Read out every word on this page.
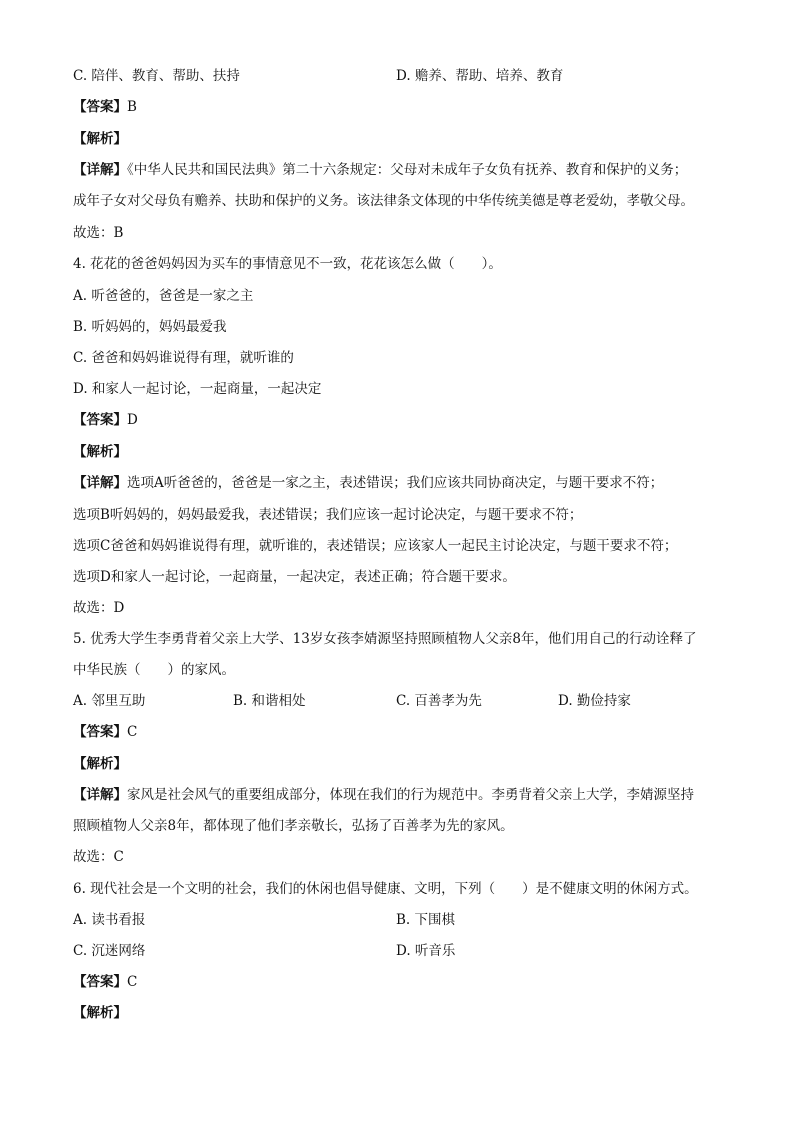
C. 陪伴、教育、帮助、扶持	D. 赡养、帮助、培养、教育
【答案】B
【解析】
【详解】《中华人民共和国民法典》第二十六条规定：父母对未成年子女负有抚养、教育和保护的义务；
成年子女对父母负有赡养、扶助和保护的义务。该法律条文体现的中华传统美德是尊老爱幼，孝敬父母。
故选：B
4. 花花的爸爸妈妈因为买车的事情意见不一致，花花该怎么做（　　）。
A. 听爸爸的，爸爸是一家之主
B. 听妈妈的，妈妈最爱我
C. 爸爸和妈妈谁说得有理，就听谁的
D. 和家人一起讨论，一起商量，一起决定
【答案】D
【解析】
【详解】选项A听爸爸的，爸爸是一家之主，表述错误；我们应该共同协商决定，与题干要求不符；
选项B听妈妈的，妈妈最爱我，表述错误；我们应该一起讨论决定，与题干要求不符；
选项C爸爸和妈妈谁说得有理，就听谁的，表述错误；应该家人一起民主讨论决定，与题干要求不符；
选项D和家人一起讨论，一起商量，一起决定，表述正确；符合题干要求。
故选：D
5. 优秀大学生李勇背着父亲上大学、13岁女孩李婧源坚持照顾植物人父亲8年，他们用自己的行动诠释了
中华民族（　　）的家风。
A. 邻里互助	B. 和谐相处	C. 百善孝为先	D. 勤俭持家
【答案】C
【解析】
【详解】家风是社会风气的重要组成部分，体现在我们的行为规范中。李勇背着父亲上大学，李婧源坚持
照顾植物人父亲8年，都体现了他们孝亲敬长，弘扬了百善孝为先的家风。
故选：C
6. 现代社会是一个文明的社会，我们的休闲也倡导健康、文明，下列（　　）是不健康文明的休闲方式。
A. 读书看报	B. 下围棋
C. 沉迷网络	D. 听音乐
【答案】C
【解析】
